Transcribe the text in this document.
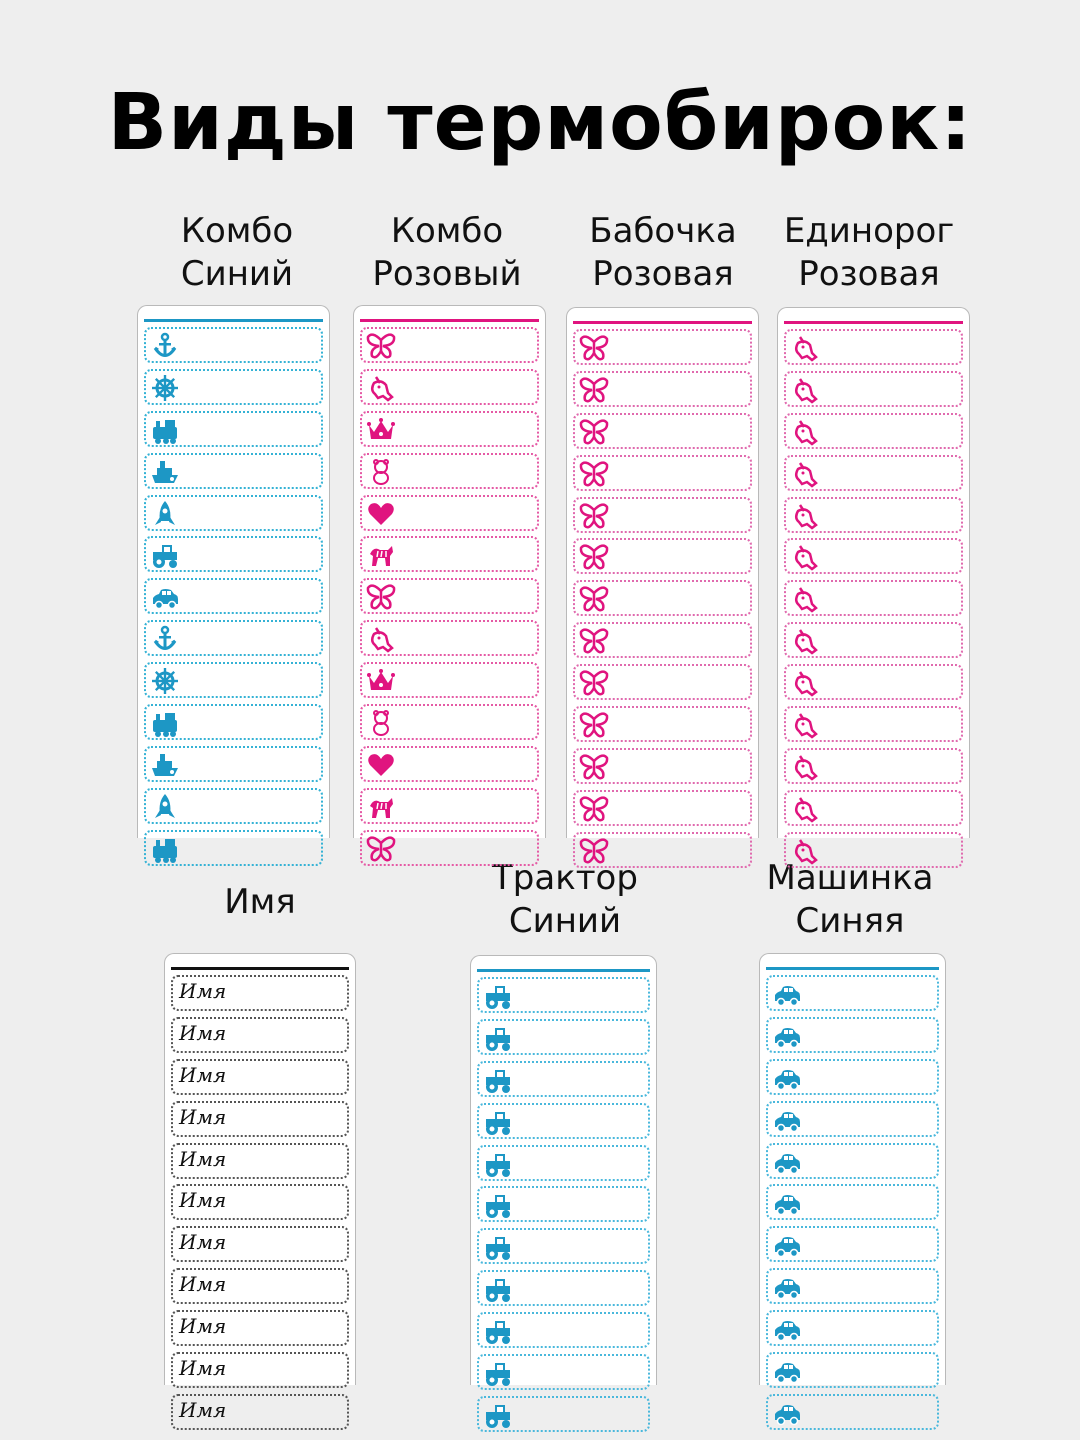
Виды термобирок:
Комбо
Синий
Комбо
Розовый
Бабочка
Розовая
Единорог
Розовая
Имя
Трактор
Синий
Машинка
Синяя
Имя
Имя
Имя
Имя
Имя
Имя
Имя
Имя
Имя
Имя
Имя
